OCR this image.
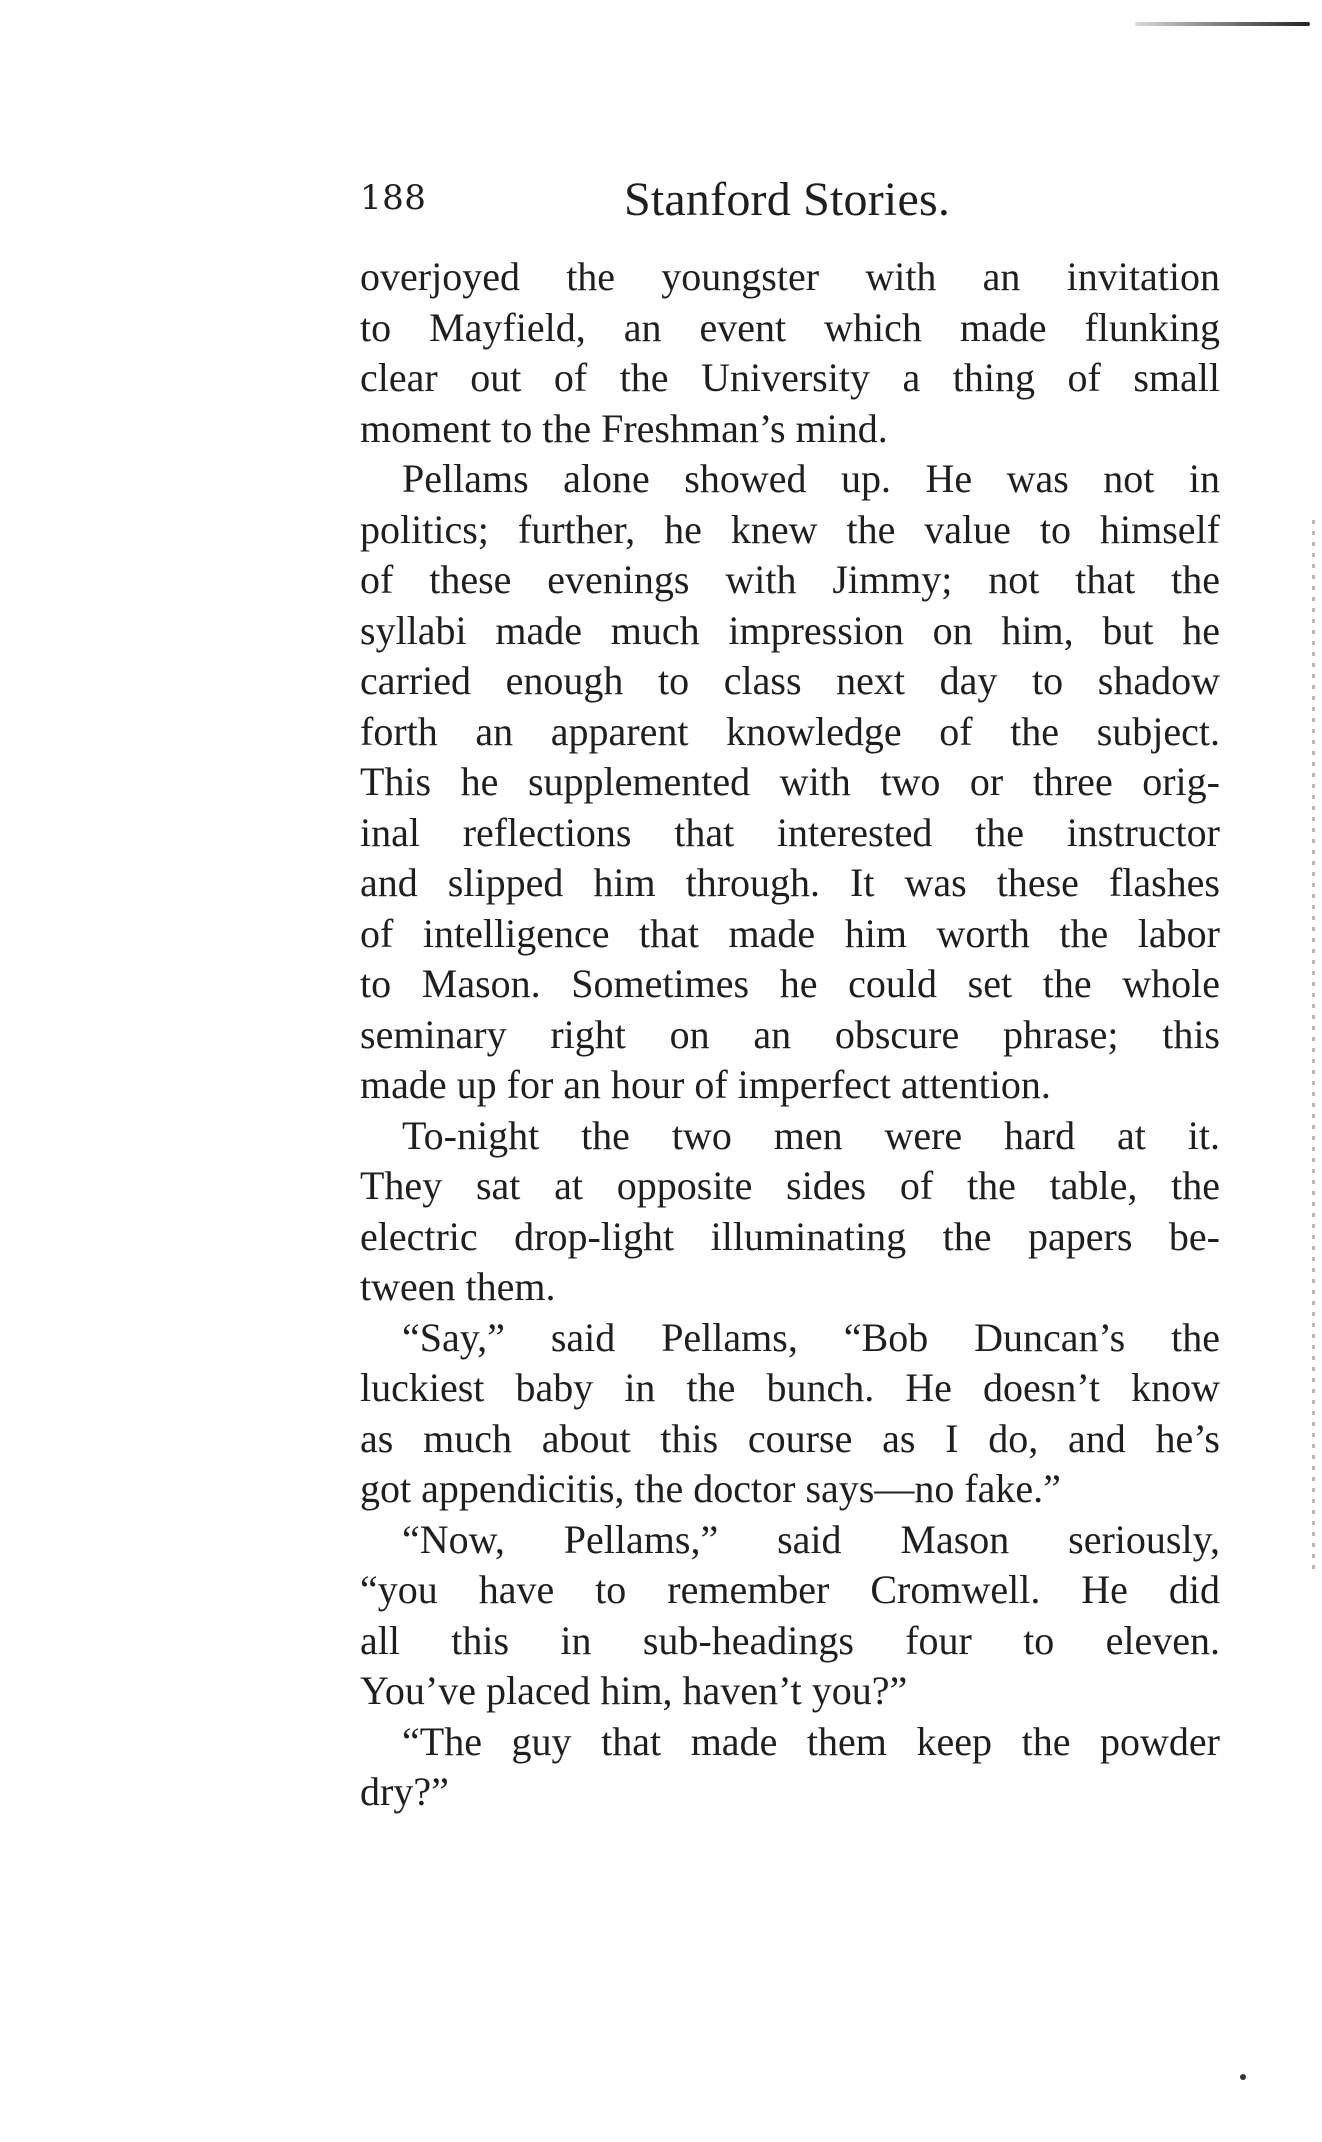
188	Stanford Stories.
overjoyed the youngster with an invitation
to Mayfield, an event which made flunking
clear out of the University a thing of small
moment to the Freshman’s mind.
Pellams alone showed up. He was not in
politics; further, he knew the value to himself
of these evenings with Jimmy; not that the
syllabi made much impression on him, but he
carried enough to class next day to shadow
forth an apparent knowledge of the subject.
This he supplemented with two or three orig-
inal reflections that interested the instructor
and slipped him through. It was these flashes
of intelligence that made him worth the labor
to Mason. Sometimes he could set the whole
seminary right on an obscure phrase; this
made up for an hour of imperfect attention.
To-night the two men were hard at it.
They sat at opposite sides of the table, the
electric drop-light illuminating the papers be-
tween them.
“Say,” said Pellams, “Bob Duncan’s the
luckiest baby in the bunch. He doesn’t know
as much about this course as I do, and he’s
got appendicitis, the doctor says—no fake.”
“Now, Pellams,” said Mason seriously,
“you have to remember Cromwell. He did
all this in sub-headings four to eleven.
You’ve placed him, haven’t you?”
“The guy that made them keep the powder
dry?”
